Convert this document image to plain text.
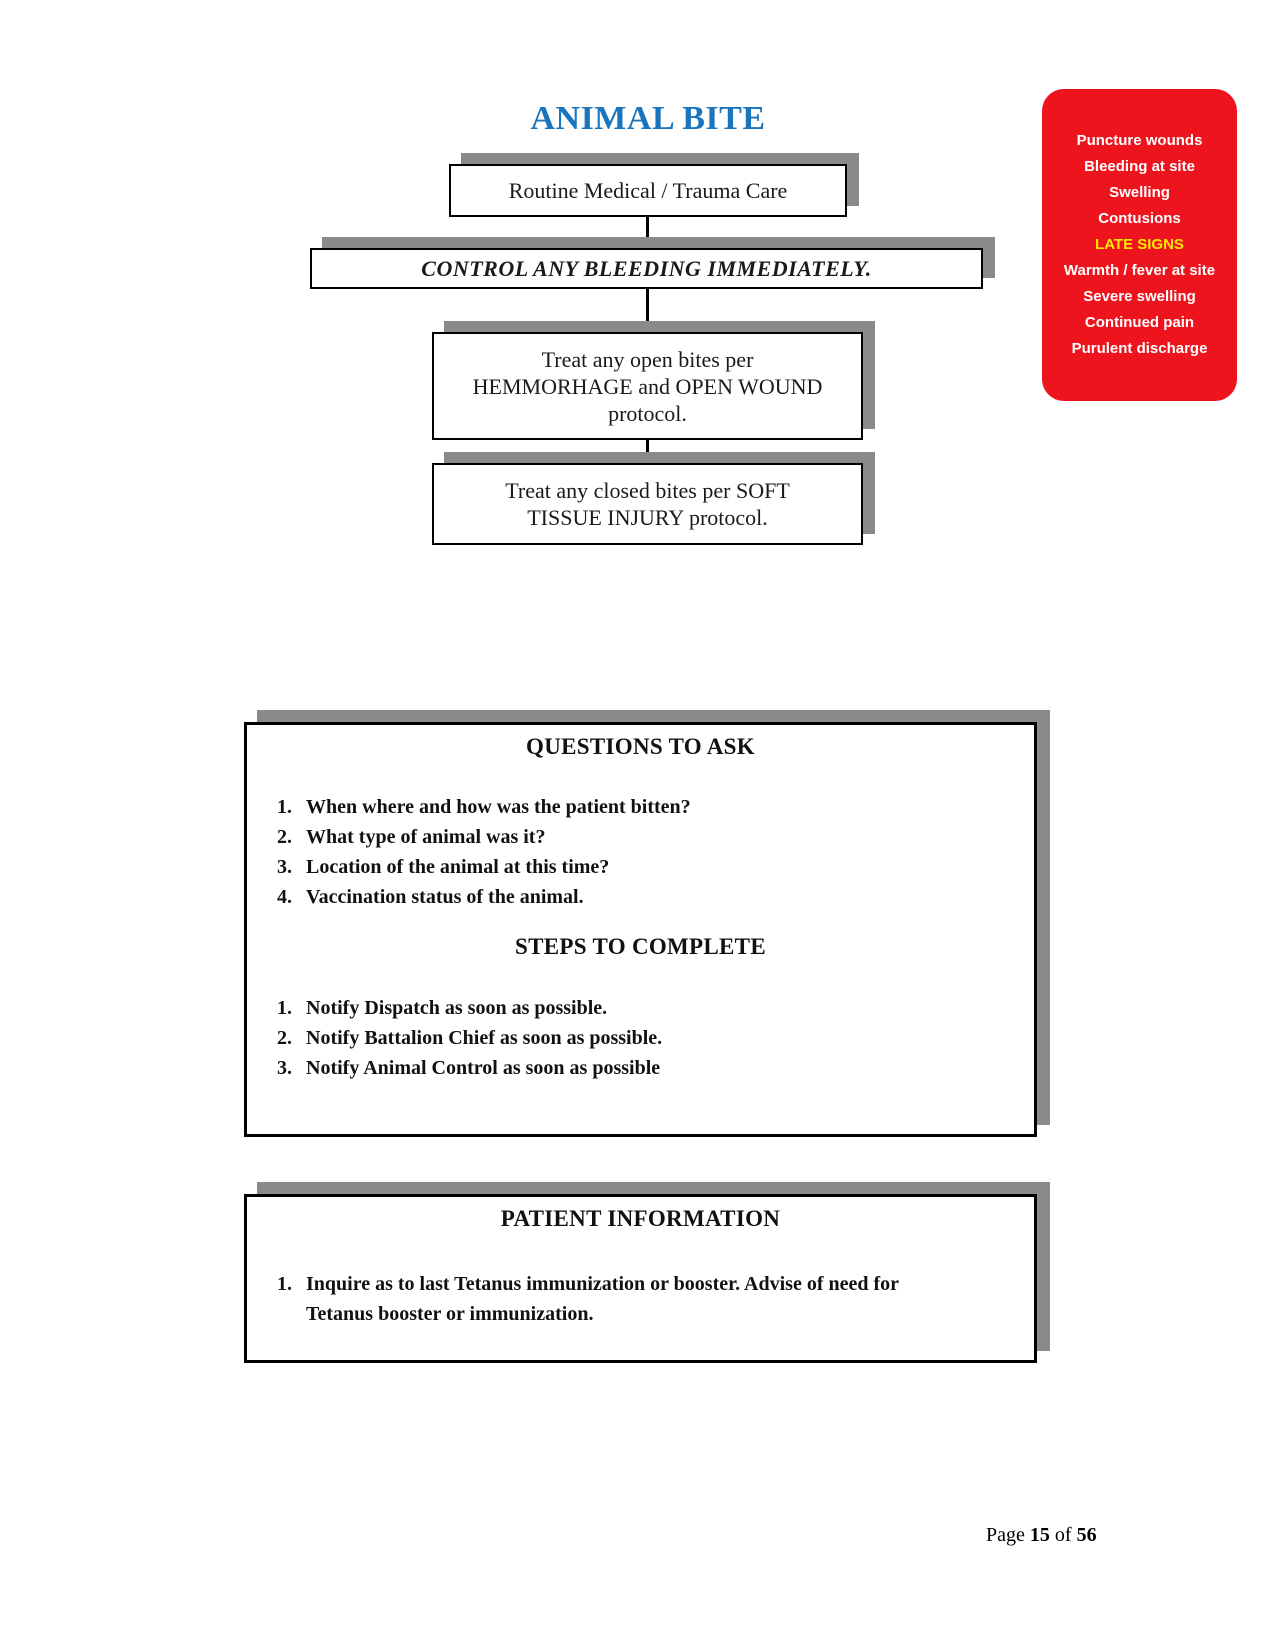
ANIMAL BITE
Routine Medical / Trauma Care
CONTROL ANY BLEEDING IMMEDIATELY.
Treat any open bites per
HEMMORHAGE and OPEN WOUND
protocol.
Treat any closed bites per SOFT
TISSUE INJURY protocol.
Puncture wounds
Bleeding at site
Swelling
Contusions
LATE SIGNS
Warmth / fever at site
Severe swelling
Continued pain
Purulent discharge
QUESTIONS TO ASK
1. When where and how was the patient bitten?
2. What type of animal was it?
3. Location of the animal at this time?
4. Vaccination status of the animal.
STEPS TO COMPLETE
1. Notify Dispatch as soon as possible.
2. Notify Battalion Chief as soon as possible.
3. Notify Animal Control as soon as possible
PATIENT INFORMATION
1. Inquire as to last Tetanus immunization or booster. Advise of need for Tetanus booster or immunization.
Page 15 of 56
